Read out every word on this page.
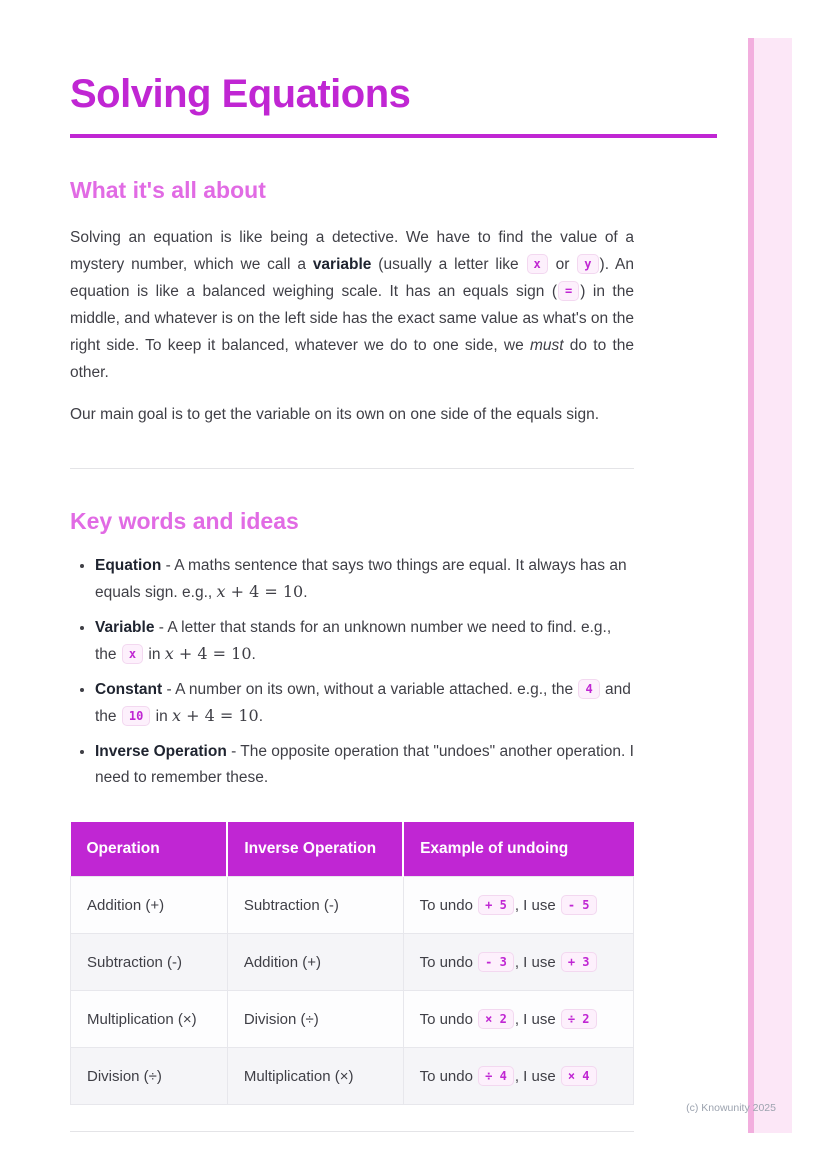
Solving Equations
What it's all about

Solving an equation is like being a detective. We have to find the value of a mystery number, which we call a variable (usually a letter like x or y ). An equation is like a balanced weighing scale. It has an equals sign ( = ) in the middle, and whatever is on the left side has the exact same value as what's on the right side. To keep it balanced, whatever we do to one side, we must do to the other.

Our main goal is to get the variable on its own on one side of the equals sign.

Key words and ideas
• Equation - A maths sentence that says two things are equal. It always has an equals sign. e.g., x + 4 = 10.
• Variable - A letter that stands for an unknown number we need to find. e.g., the x in x + 4 = 10.
• Constant - A number on its own, without a variable attached. e.g., the 4 and the 10 in x + 4 = 10.
• Inverse Operation - The opposite operation that "undoes" another operation. I need to remember these.
Operation	Inverse Operation	Example of undoing
Addition (+)	Subtraction (-)	To undo + 5 , I use - 5
Subtraction (-)	Addition (+)	To undo - 3 , I use + 3
Multiplication (×)	Division (÷)	To undo × 2 , I use ÷ 2
Division (÷)	Multiplication (×)	To undo ÷ 4 , I use × 4
(c) Knowunity 2025
